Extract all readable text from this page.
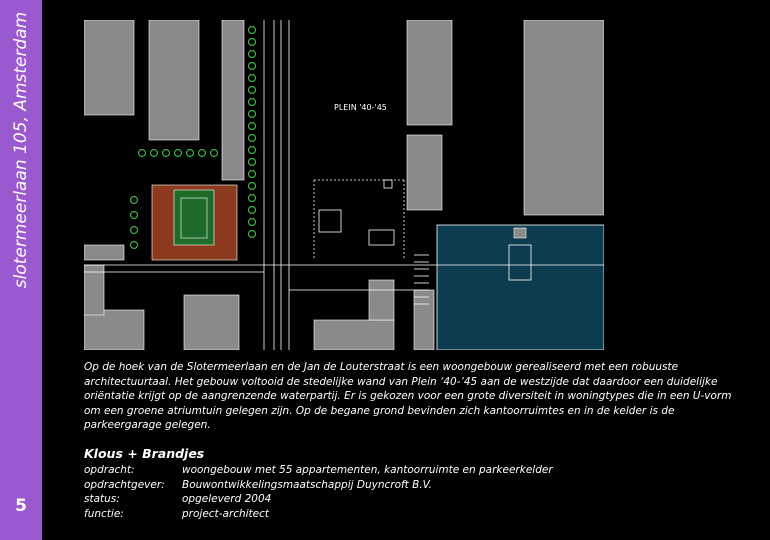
slotermeerlaan 105, Amsterdam
5
PLEIN '40-'45

Op de hoek van de Slotermeerlaan en de Jan de Louterstraat is een woongebouw gerealiseerd met een robuuste architectuurtaal. Het gebouw voltooid de stedelijke wand van Plein ‘40-’45 aan de westzijde dat daardoor een duidelijke oriëntatie krijgt op de aangrenzende waterpartij. Er is gekozen voor een grote diversiteit in woningtypes die in een U-vorm om een groene atriumtuin gelegen zijn. Op de begane grond bevinden zich kantoorruimtes en in de kelder is de parkeergarage gelegen.

Klous + Brandjes
opdracht:	woongebouw met 55 appartementen, kantoorruimte en parkeerkelder
opdrachtgever:	Bouwontwikkelingsmaatschappij Duyncroft B.V.
status:	opgeleverd 2004
functie:	project-architect
